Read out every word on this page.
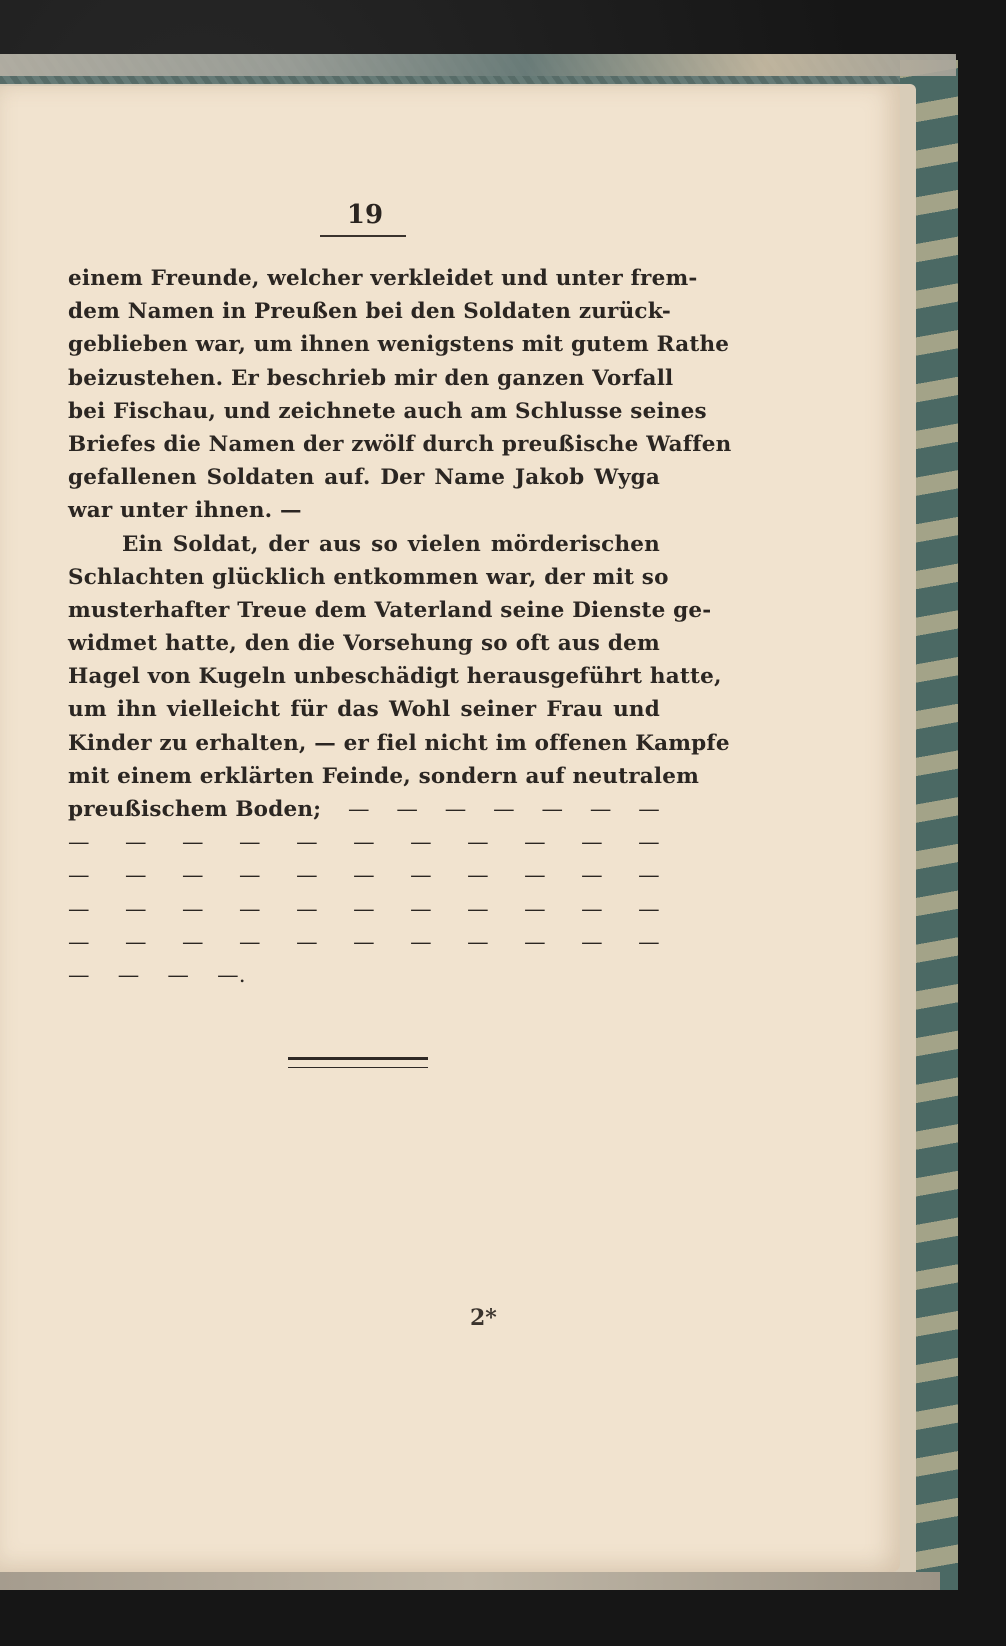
19
einem Freunde, welcher verkleidet und unter frem-
dem Namen in Preußen bei den Soldaten zurück-
geblieben war, um ihnen wenigstens mit gutem Rathe
beizustehen. Er beschrieb mir den ganzen Vorfall
bei Fischau, und zeichnete auch am Schlusse seines
Briefes die Namen der zwölf durch preußische Waffen
gefallenen Soldaten auf. Der Name Jakob Wyga
war unter ihnen. —
Ein Soldat, der aus so vielen mörderischen
Schlachten glücklich entkommen war, der mit so
musterhafter Treue dem Vaterland seine Dienste ge-
widmet hatte, den die Vorsehung so oft aus dem
Hagel von Kugeln unbeschädigt herausgeführt hatte,
um ihn vielleicht für das Wohl seiner Frau und
Kinder zu erhalten, — er fiel nicht im offenen Kampfe
mit einem erklärten Feinde, sondern auf neutralem
preußischem Boden; — — — — — — —
— — — — — — — — — — —
— — — — — — — — — — —
— — — — — — — — — — —
— — — — — — — — — — —
— — — —.
2*
